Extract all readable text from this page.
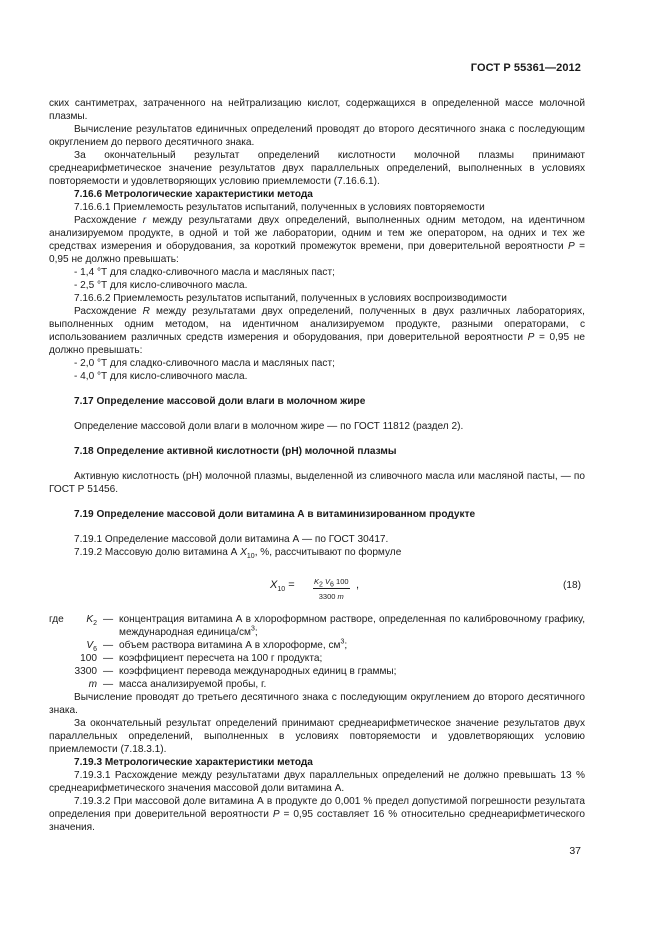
ГОСТ Р 55361—2012

ских сантиметрах, затраченного на нейтрализацию кислот, содержащихся в определенной массе молочной плазмы.

Вычисление результатов единичных определений проводят до второго десятичного знака с последующим округлением до первого десятичного знака.

За окончательный результат определений кислотности молочной плазмы принимают среднеарифметическое значение результатов двух параллельных определений, выполненных в условиях повторяемости и удовлетворяющих условию приемлемости (7.16.6.1).

7.16.6 Метрологические характеристики метода

7.16.6.1 Приемлемость результатов испытаний, полученных в условиях повторяемости

Расхождение r между результатами двух определений, выполненных одним методом, на идентичном анализируемом продукте, в одной и той же лаборатории, одним и тем же оператором, на одних и тех же средствах измерения и оборудования, за короткий промежуток времени, при доверительной вероятности P = 0,95 не должно превышать:

- 1,4 °T для сладко-сливочного масла и масляных паст;

- 2,5 °T для кисло-сливочного масла.

7.16.6.2 Приемлемость результатов испытаний, полученных в условиях воспроизводимости

Расхождение R между результатами двух определений, полученных в двух различных лабораториях, выполненных одним методом, на идентичном анализируемом продукте, разными операторами, с использованием различных средств измерения и оборудования, при доверительной вероятности P = 0,95 не должно превышать:

- 2,0 °T для сладко-сливочного масла и масляных паст;

- 4,0 °T для кисло-сливочного масла.

7.17 Определение массовой доли влаги в молочном жире

Определение массовой доли влаги в молочном жире — по ГОСТ 11812 (раздел 2).

7.18 Определение активной кислотности (рН) молочной плазмы

Активную кислотность (рН) молочной плазмы, выделенной из сливочного масла или масляной пасты, — по ГОСТ Р 51456.

7.19 Определение массовой доли витамина А в витаминизированном продукте

7.19.1 Определение массовой доли витамина А — по ГОСТ 30417.

7.19.2 Массовую долю витамина А $X_{10}$, %, рассчитывают по формуле

$X_{10} = \frac{K_2 V_6 100}{3300 m}$ ,	(18)
где $K_2$ — концентрация витамина А в хлороформном растворе, определенная по калибровочному графику, международная единица/$см^3$;
$V_6$ — объем раствора витамина А в хлороформе, $см^3$;
100 — коэффициент пересчета на 100 г продукта;
3300 — коэффициент перевода международных единиц в граммы;
m — масса анализируемой пробы, г.

Вычисление проводят до третьего десятичного знака с последующим округлением до второго десятичного знака.

За окончательный результат определений принимают среднеарифметическое значение результатов двух параллельных определений, выполненных в условиях повторяемости и удовлетворяющих условию приемлемости (7.18.3.1).

7.19.3 Метрологические характеристики метода

7.19.3.1 Расхождение между результатами двух параллельных определений не должно превышать 13 % среднеарифметического значения массовой доли витамина А.

7.19.3.2 При массовой доле витамина А в продукте до 0,001 % предел допустимой погрешности результата определения при доверительной вероятности P = 0,95 составляет 16 % относительно среднеарифметического значения.

37
